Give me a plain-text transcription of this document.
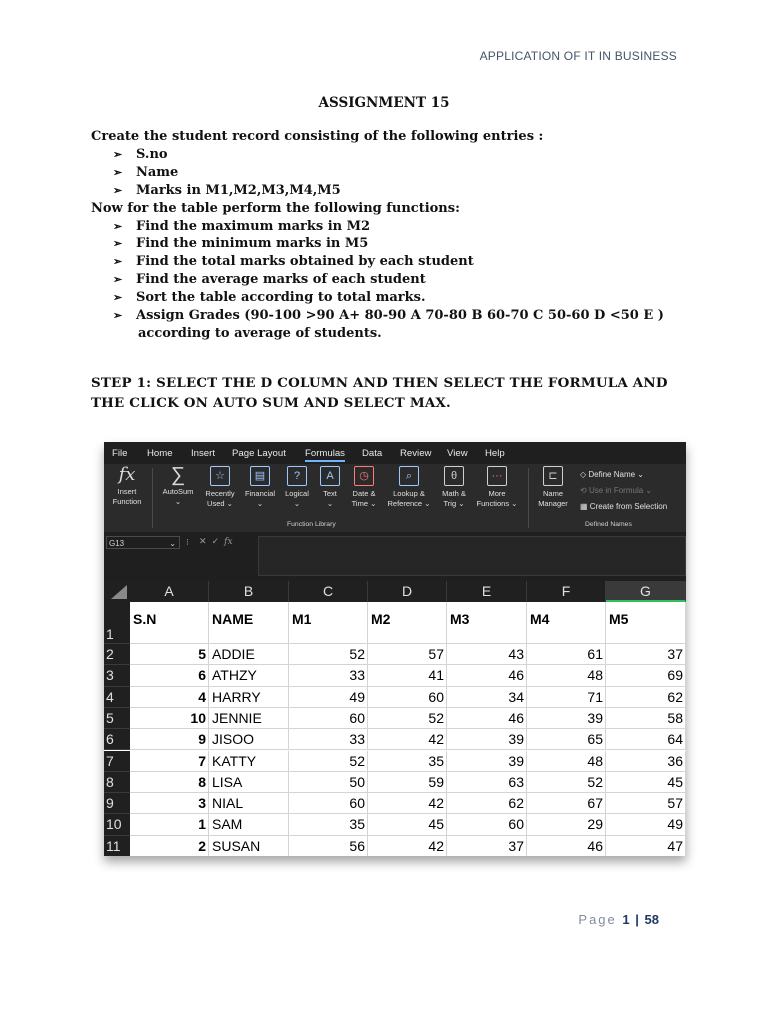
APPLICATION OF IT IN BUSINESS
ASSIGNMENT 15
Create the student record consisting of the following entries :
➢ S.no
➢ Name
➢ Marks in M1,M2,M3,M4,M5
Now for the table perform the following functions:
➢ Find the maximum marks in M2
➢ Find the minimum marks in M5
➢ Find the total marks obtained by each student
➢ Find the average marks of each student
➢ Sort the table according to total marks.
➢ Assign Grades (90-100 >90 A+ 80-90 A 70-80 B 60-70 C 50-60 D <50 E )
according to average of students.
STEP 1: SELECT THE D COLUMN AND THEN SELECT THE FORMULA AND THE CLICK ON AUTO SUM AND SELECT MAX.
File Home Insert Page Layout Formulas Data Review View Help
fx
Insert Function
∑
AutoSum
⌄
☆
Recently Used ⌄
▤
Financial
⌄
?
Logical
⌄
A
Text
⌄
◷
Date & Time ⌄
⌕
Lookup & Reference ⌄
θ
Math & Trig ⌄
···
More Functions ⌄
Function Library
⊏
Name Manager
◇ Define Name ⌄
⟲ Use in Formula ⌄
▦ Create from Selection
Defined Names
G13	⌄ ⁝ ✕ ✓ fx
A	B	C	D	E	F	G
1
2
3
4
5
6
7
8
9
10
11
S.N	NAME	M1	M2	M3	M4	M5
5 ADDIE	52	57	43	61	37
6 ATHZY	33	41	46	48	69
4 HARRY	49	60	34	71	62
10 JENNIE	60	52	46	39	58
9 JISOO	33	42	39	65	64
7 KATTY	52	35	39	48	36
8 LISA	50	59	63	52	45
3 NIAL	60	42	62	67	57
1 SAM	35	45	60	29	49
2 SUSAN	56	42	37	46	47
Page 1 | 58
